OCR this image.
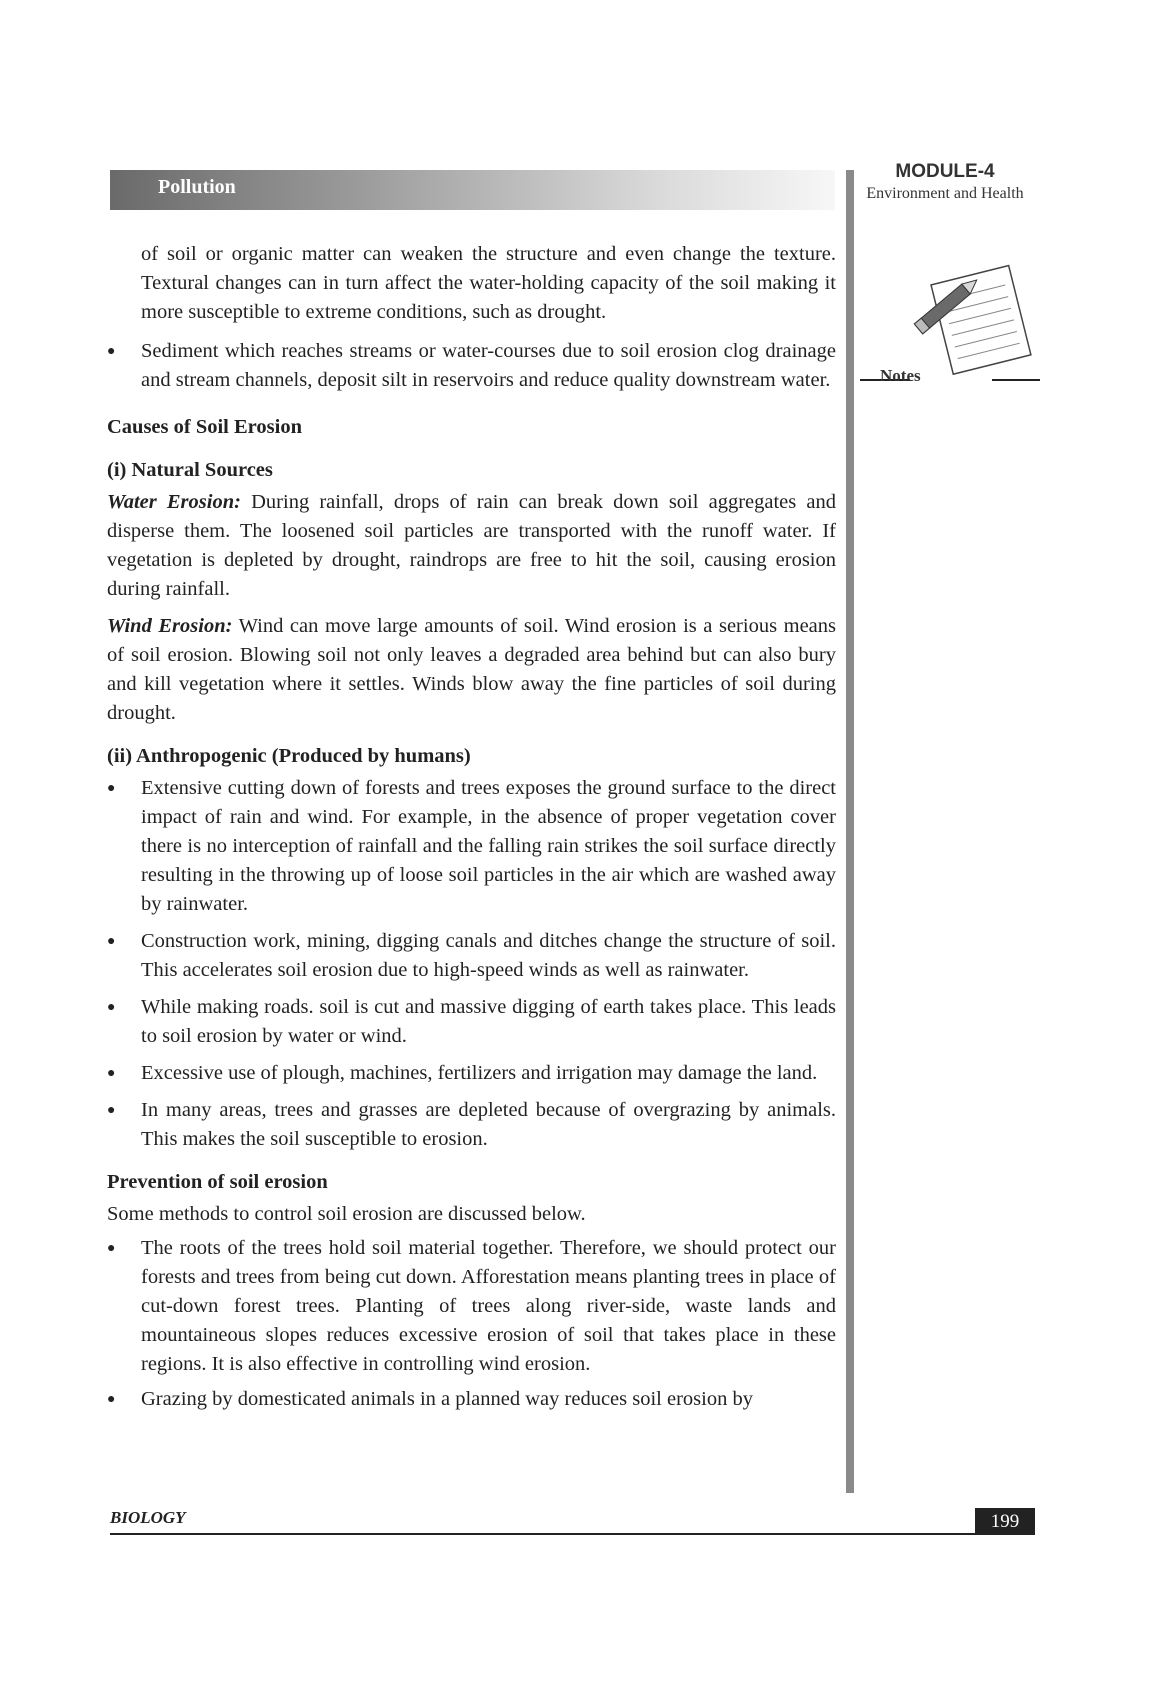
Pollution
MODULE-4
Environment and Health
Notes

of soil or organic matter can weaken the structure and even change the texture. Textural changes can in turn affect the water-holding capacity of the soil making it more susceptible to extreme conditions, such as drought.

● Sediment which reaches streams or water-courses due to soil erosion clog drainage and stream channels, deposit silt in reservoirs and reduce quality downstream water.

Causes of Soil Erosion

(i) Natural Sources

Water Erosion: During rainfall, drops of rain can break down soil aggregates and disperse them. The loosened soil particles are transported with the runoff water. If vegetation is depleted by drought, raindrops are free to hit the soil, causing erosion during rainfall.

Wind Erosion: Wind can move large amounts of soil. Wind erosion is a serious means of soil erosion. Blowing soil not only leaves a degraded area behind but can also bury and kill vegetation where it settles. Winds blow away the fine particles of soil during drought.

(ii) Anthropogenic (Produced by humans)

● Extensive cutting down of forests and trees exposes the ground surface to the direct impact of rain and wind. For example, in the absence of proper vegetation cover there is no interception of rainfall and the falling rain strikes the soil surface directly resulting in the throwing up of loose soil particles in the air which are washed away by rainwater.

● Construction work, mining, digging canals and ditches change the structure of soil. This accelerates soil erosion due to high-speed winds as well as rainwater.

● While making roads. soil is cut and massive digging of earth takes place. This leads to soil erosion by water or wind.

● Excessive use of plough, machines, fertilizers and irrigation may damage the land.

● In many areas, trees and grasses are depleted because of overgrazing by animals. This makes the soil susceptible to erosion.

Prevention of soil erosion

Some methods to control soil erosion are discussed below.

● The roots of the trees hold soil material together. Therefore, we should protect our forests and trees from being cut down. Afforestation means planting trees in place of cut-down forest trees. Planting of trees along river-side, waste lands and mountaineous slopes reduces excessive erosion of soil that takes place in these regions. It is also effective in controlling wind erosion.

● Grazing by domesticated animals in a planned way reduces soil erosion by

BIOLOGY	199
